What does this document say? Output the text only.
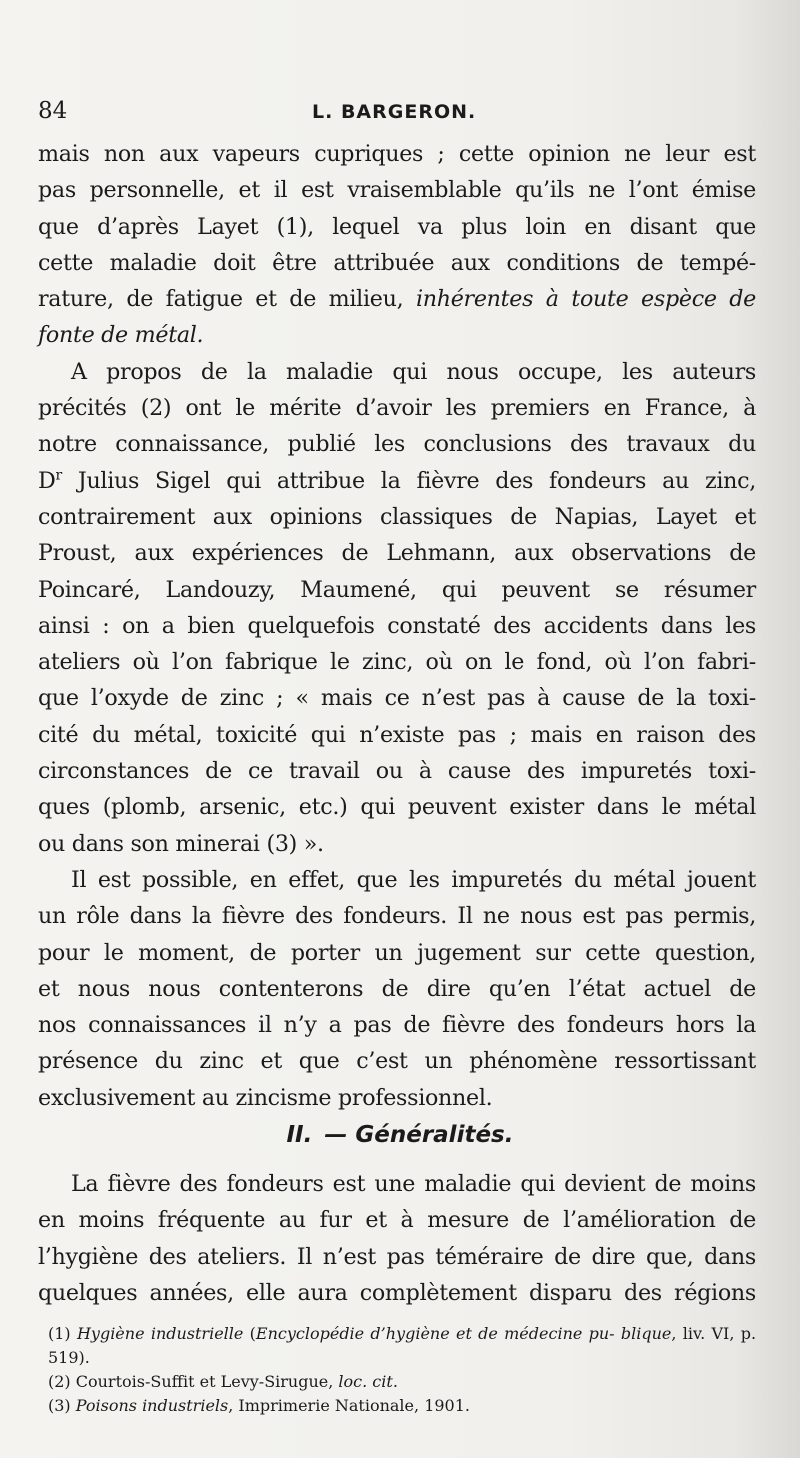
84	L. BARGERON.

mais non aux vapeurs cupriques ; cette opinion ne leur est

pas personnelle, et il est vraisemblable qu’ils ne l’ont émise

que d’après Layet (1), lequel va plus loin en disant que

cette maladie doit être attribuée aux conditions de tempé-

rature, de fatigue et de milieu, inhérentes à toute espèce de

fonte de métal.

A propos de la maladie qui nous occupe, les auteurs

précités (2) ont le mérite d’avoir les premiers en France, à

notre connaissance, publié les conclusions des travaux du

$D^r$ Julius Sigel qui attribue la fièvre des fondeurs au zinc,

contrairement aux opinions classiques de Napias, Layet et

Proust, aux expériences de Lehmann, aux observations de

Poincaré, Landouzy, Maumené, qui peuvent se résumer

ainsi : on a bien quelquefois constaté des accidents dans les

ateliers où l’on fabrique le zinc, où on le fond, où l’on fabri-

que l’oxyde de zinc ; « mais ce n’est pas à cause de la toxi-

cité du métal, toxicité qui n’existe pas ; mais en raison des

circonstances de ce travail ou à cause des impuretés toxi-

ques (plomb, arsenic, etc.) qui peuvent exister dans le métal

ou dans son minerai (3) ».

Il est possible, en effet, que les impuretés du métal jouent

un rôle dans la fièvre des fondeurs. Il ne nous est pas permis,

pour le moment, de porter un jugement sur cette question,

et nous nous contenterons de dire qu’en l’état actuel de

nos connaissances il n’y a pas de fièvre des fondeurs hors la

présence du zinc et que c’est un phénomène ressortissant

exclusivement au zincisme professionnel.

II. — Généralités.

La fièvre des fondeurs est une maladie qui devient de moins

en moins fréquente au fur et à mesure de l’amélioration de

l’hygiène des ateliers. Il n’est pas téméraire de dire que, dans

quelques années, elle aura complètement disparu des régions

(1) Hygiène industrielle (Encyclopédie d’hygiène et de médecine pu- blique, liv. VI, p. 519).

(2) Courtois-Suffit et Levy-Sirugue, loc. cit.

(3) Poisons industriels, Imprimerie Nationale, 1901.
